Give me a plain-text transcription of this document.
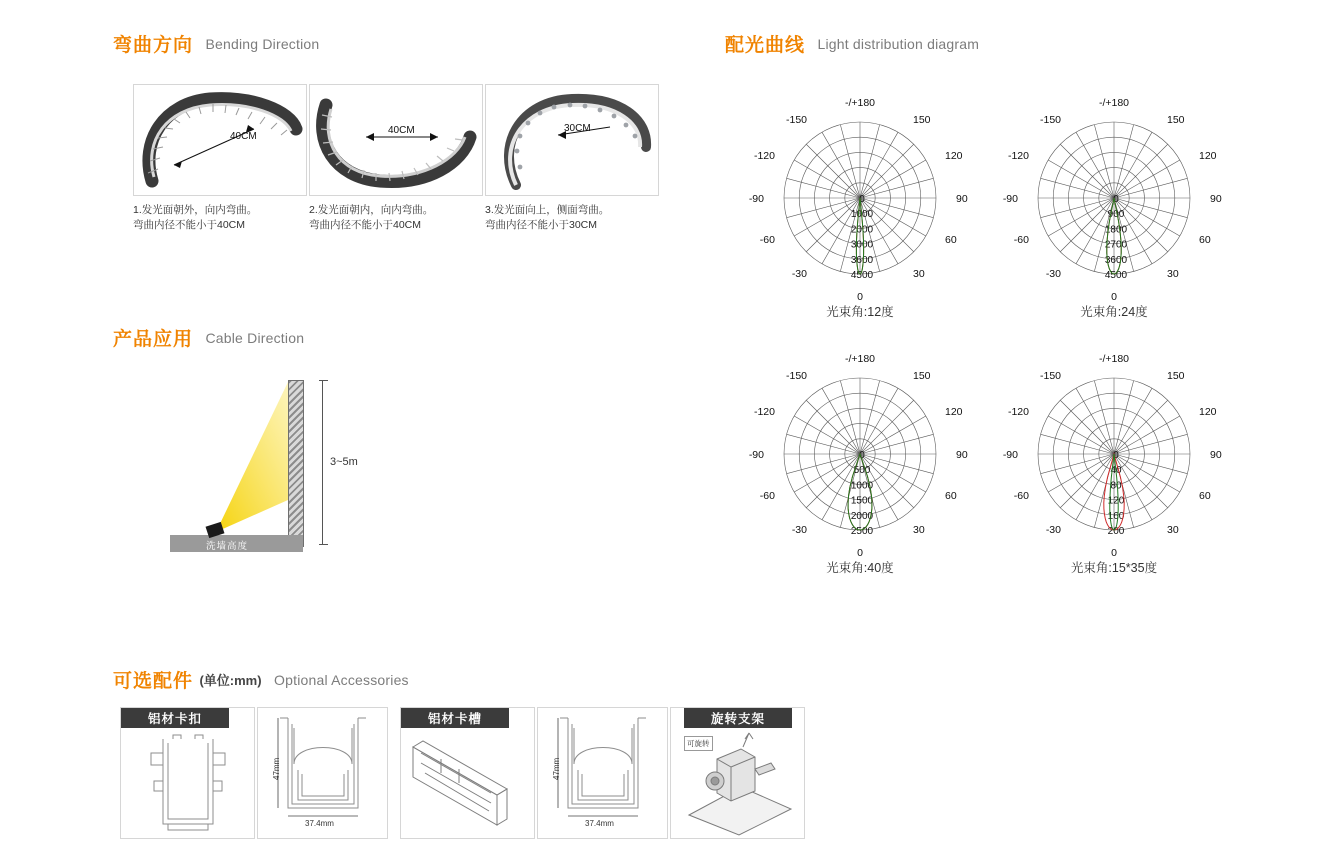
弯曲方向 Bending Direction
40CM
1.发光面朝外，向内弯曲。
弯曲内径不能小于40CM
40CM
2.发光面朝内，向内弯曲。
弯曲内径不能小于40CM
30CM
3.发光面向上，侧面弯曲。
弯曲内径不能小于30CM
产品应用 Cable Direction
洗墙高度
3~5m
配光曲线 Light distribution diagram
0
1000
2000
3000
3600
4500
-/+180
150
120
90
60
30
0
-30
-60
-90
-120
-150
光束角:12度
0
900
1800
2700
3600
4500
-/+180
150
120
90
60
30
0
-30
-60
-90
-120
-150
光束角:24度
0
500
1000
1500
2000
2500
-/+180
150
120
90
60
30
0
-30
-60
-90
-120
-150
光束角:40度
0
40
80
120
160
200
-/+180
150
120
90
60
30
0
-30
-60
-90
-120
-150
光束角:15*35度
可选配件 (单位:mm) Optional Accessories
铝材卡扣
47mm
37.4mm
铝材卡槽
47mm
37.4mm
旋转支架
可旋转
